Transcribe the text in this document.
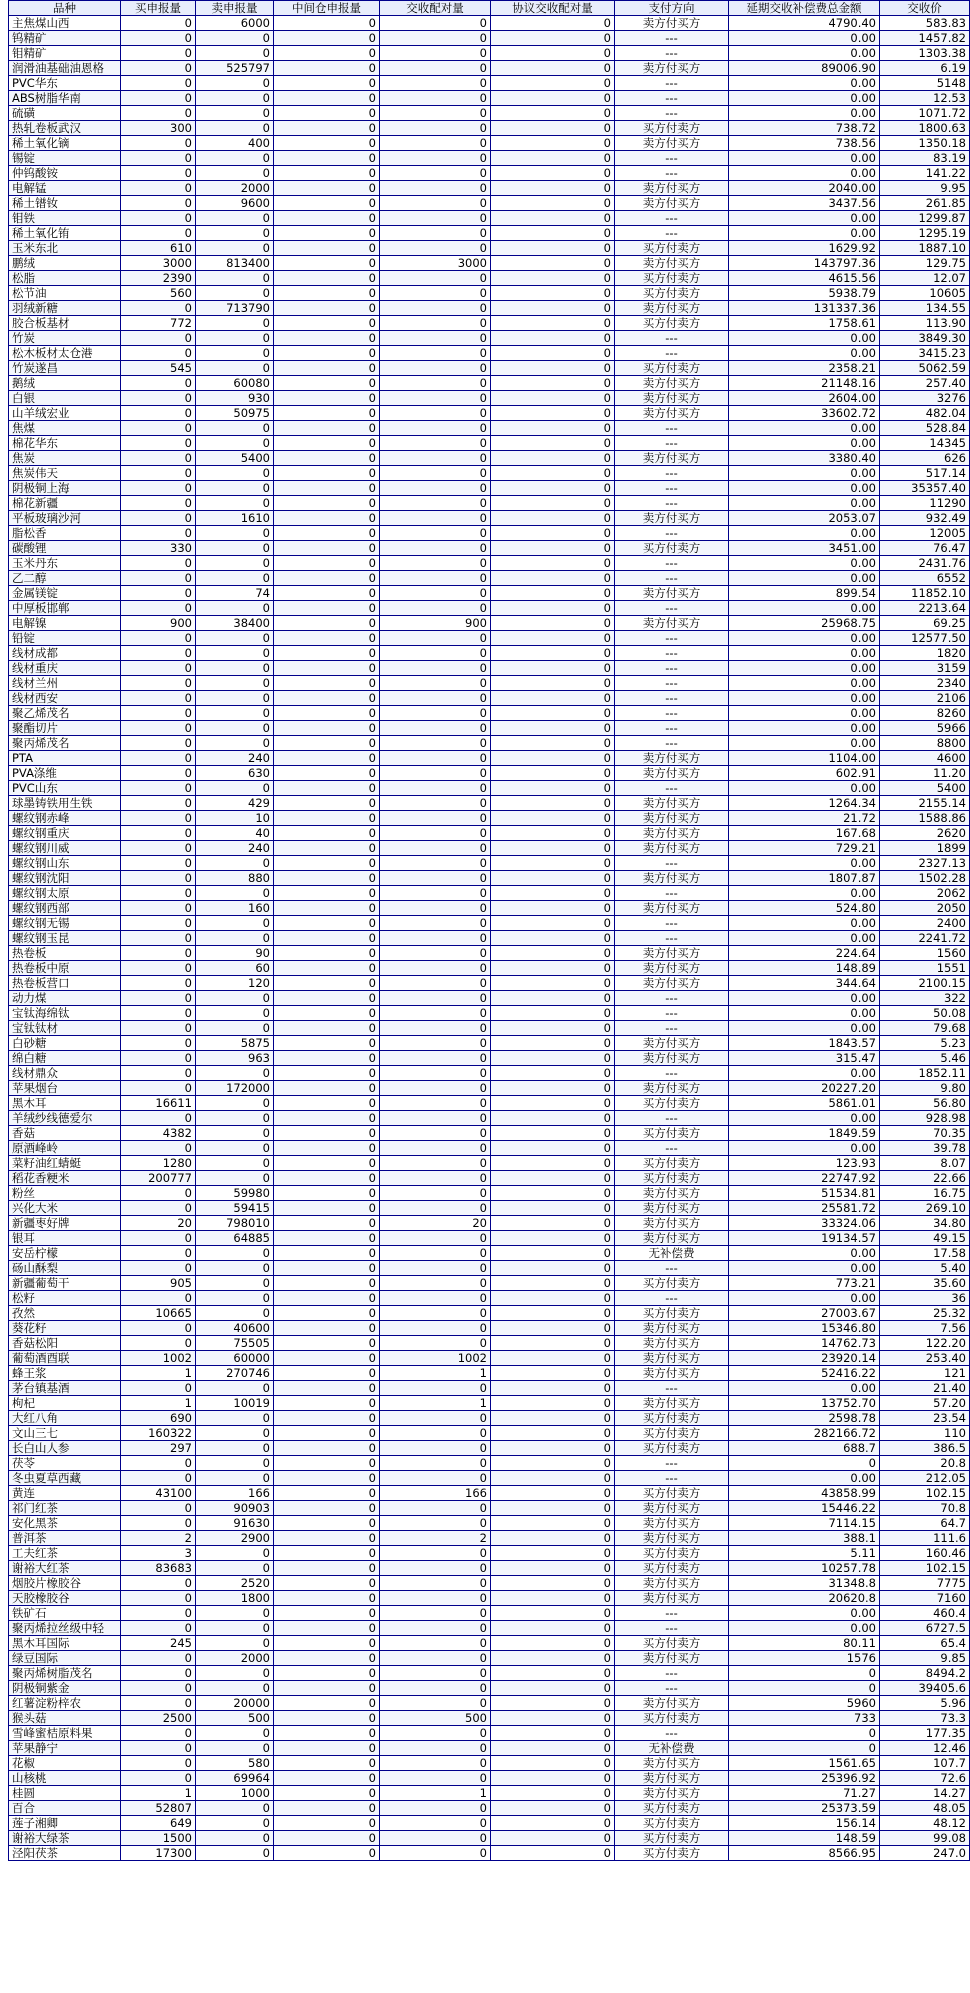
品种	买申报量	卖申报量	中间仓申报量	交收配对量	协议交收配对量	支付方向	延期交收补偿费总金额	交收价
主焦煤山西	0	6000	0	0	0	卖方付买方	4790.40	583.83
钨精矿	0	0	0	0	0	---	0.00	1457.82
钼精矿	0	0	0	0	0	---	0.00	1303.38
润滑油基础油恩格	0	525797	0	0	0	卖方付买方	89006.90	6.19
PVC华东	0	0	0	0	0	---	0.00	5148
ABS树脂华南	0	0	0	0	0	---	0.00	12.53
硫磺	0	0	0	0	0	---	0.00	1071.72
热轧卷板武汉	300	0	0	0	0	买方付卖方	738.72	1800.63
稀土氧化镝	0	400	0	0	0	卖方付买方	738.56	1350.18
锡锭	0	0	0	0	0	---	0.00	83.19
仲钨酸铵	0	0	0	0	0	---	0.00	141.22
电解锰	0	2000	0	0	0	卖方付买方	2040.00	9.95
稀土镨钕	0	9600	0	0	0	卖方付买方	3437.56	261.85
钼铁	0	0	0	0	0	---	0.00	1299.87
稀土氧化铕	0	0	0	0	0	---	0.00	1295.19
玉米东北	610	0	0	0	0	买方付卖方	1629.92	1887.10
鹏绒	3000	813400	0	3000	0	卖方付买方	143797.36	129.75
松脂	2390	0	0	0	0	买方付卖方	4615.56	12.07
松节油	560	0	0	0	0	买方付卖方	5938.79	10605
羽绒新糖	0	713790	0	0	0	卖方付买方	131337.36	134.55
胶合板基材	772	0	0	0	0	买方付卖方	1758.61	113.90
竹炭	0	0	0	0	0	---	0.00	3849.30
松木板材太仓港	0	0	0	0	0	---	0.00	3415.23
竹炭遂昌	545	0	0	0	0	买方付卖方	2358.21	5062.59
鹅绒	0	60080	0	0	0	卖方付买方	21148.16	257.40
白银	0	930	0	0	0	卖方付买方	2604.00	3276
山羊绒宏业	0	50975	0	0	0	卖方付买方	33602.72	482.04
焦煤	0	0	0	0	0	---	0.00	528.84
棉花华东	0	0	0	0	0	---	0.00	14345
焦炭	0	5400	0	0	0	卖方付买方	3380.40	626
焦炭伟天	0	0	0	0	0	---	0.00	517.14
阴极铜上海	0	0	0	0	0	---	0.00	35357.40
棉花新疆	0	0	0	0	0	---	0.00	11290
平板玻璃沙河	0	1610	0	0	0	卖方付买方	2053.07	932.49
脂松香	0	0	0	0	0	---	0.00	12005
碳酸锂	330	0	0	0	0	买方付卖方	3451.00	76.47
玉米丹东	0	0	0	0	0	---	0.00	2431.76
乙二醇	0	0	0	0	0	---	0.00	6552
金属镁锭	0	74	0	0	0	卖方付买方	899.54	11852.10
中厚板邯郸	0	0	0	0	0	---	0.00	2213.64
电解镍	900	38400	0	900	0	卖方付买方	25968.75	69.25
铅锭	0	0	0	0	0	---	0.00	12577.50
线材成都	0	0	0	0	0	---	0.00	1820
线材重庆	0	0	0	0	0	---	0.00	3159
线材兰州	0	0	0	0	0	---	0.00	2340
线材西安	0	0	0	0	0	---	0.00	2106
聚乙烯茂名	0	0	0	0	0	---	0.00	8260
聚酯切片	0	0	0	0	0	---	0.00	5966
聚丙烯茂名	0	0	0	0	0	---	0.00	8800
PTA	0	240	0	0	0	卖方付买方	1104.00	4600
PVA涤维	0	630	0	0	0	卖方付买方	602.91	11.20
PVC山东	0	0	0	0	0	---	0.00	5400
球墨铸铁用生铁	0	429	0	0	0	卖方付买方	1264.34	2155.14
螺纹钢赤峰	0	10	0	0	0	卖方付买方	21.72	1588.86
螺纹钢重庆	0	40	0	0	0	卖方付买方	167.68	2620
螺纹钢川威	0	240	0	0	0	卖方付买方	729.21	1899
螺纹钢山东	0	0	0	0	0	---	0.00	2327.13
螺纹钢沈阳	0	880	0	0	0	卖方付买方	1807.87	1502.28
螺纹钢太原	0	0	0	0	0	---	0.00	2062
螺纹钢西部	0	160	0	0	0	卖方付买方	524.80	2050
螺纹钢无锡	0	0	0	0	0	---	0.00	2400
螺纹钢玉昆	0	0	0	0	0	---	0.00	2241.72
热卷板	0	90	0	0	0	卖方付买方	224.64	1560
热卷板中原	0	60	0	0	0	卖方付买方	148.89	1551
热卷板营口	0	120	0	0	0	卖方付买方	344.64	2100.15
动力煤	0	0	0	0	0	---	0.00	322
宝钛海绵钛	0	0	0	0	0	---	0.00	50.08
宝钛钛材	0	0	0	0	0	---	0.00	79.68
白砂糖	0	5875	0	0	0	卖方付买方	1843.57	5.23
绵白糖	0	963	0	0	0	卖方付买方	315.47	5.46
线材鼎众	0	0	0	0	0	---	0.00	1852.11
苹果烟台	0	172000	0	0	0	卖方付买方	20227.20	9.80
黑木耳	16611	0	0	0	0	买方付卖方	5861.01	56.80
羊绒纱线德爱尔	0	0	0	0	0	---	0.00	928.98
香菇	4382	0	0	0	0	买方付卖方	1849.59	70.35
原酒峰岭	0	0	0	0	0	---	0.00	39.78
菜籽油红蜻蜓	1280	0	0	0	0	买方付卖方	123.93	8.07
稻花香粳米	200777	0	0	0	0	买方付卖方	22747.92	22.66
粉丝	0	59980	0	0	0	卖方付买方	51534.81	16.75
兴化大米	0	59415	0	0	0	卖方付买方	25581.72	269.10
新疆枣好牌	20	798010	0	20	0	卖方付买方	33324.06	34.80
银耳	0	64885	0	0	0	卖方付买方	19134.57	49.15
安岳柠檬	0	0	0	0	0	无补偿费	0.00	17.58
砀山酥梨	0	0	0	0	0	---	0.00	5.40
新疆葡萄干	905	0	0	0	0	买方付卖方	773.21	35.60
松籽	0	0	0	0	0	---	0.00	36
孜然	10665	0	0	0	0	买方付卖方	27003.67	25.32
葵花籽	0	40600	0	0	0	卖方付买方	15346.80	7.56
香菇松阳	0	75505	0	0	0	卖方付买方	14762.73	122.20
葡萄酒酉联	1002	60000	0	1002	0	卖方付买方	23920.14	253.40
蜂王浆	1	270746	0	1	0	卖方付买方	52416.22	121
茅台镇基酒	0	0	0	0	0	---	0.00	21.40
枸杞	1	10019	0	1	0	卖方付买方	13752.70	57.20
大红八角	690	0	0	0	0	买方付卖方	2598.78	23.54
文山三七	160322	0	0	0	0	买方付卖方	282166.72	110
长白山人参	297	0	0	0	0	买方付卖方	688.7	386.5
茯苓	0	0	0	0	0	---	0	20.8
冬虫夏草西藏	0	0	0	0	0	---	0.00	212.05
黄连	43100	166	0	166	0	买方付卖方	43858.99	102.15
祁门红茶	0	90903	0	0	0	卖方付买方	15446.22	70.8
安化黑茶	0	91630	0	0	0	卖方付买方	7114.15	64.7
普洱茶	2	2900	0	2	0	卖方付买方	388.1	111.6
工夫红茶	3	0	0	0	0	买方付卖方	5.11	160.46
谢裕大红茶	83683	0	0	0	0	买方付卖方	10257.78	102.15
烟胶片橡胶谷	0	2520	0	0	0	卖方付买方	31348.8	7775
天胶橡胶谷	0	1800	0	0	0	卖方付买方	20620.8	7160
铁矿石	0	0	0	0	0	---	0.00	460.4
聚丙烯拉丝级中轻	0	0	0	0	0	---	0.00	6727.5
黑木耳国际	245	0	0	0	0	买方付卖方	80.11	65.4
绿豆国际	0	2000	0	0	0	卖方付买方	1576	9.85
聚丙烯树脂茂名	0	0	0	0	0	---	0	8494.2
阴极铜紫金	0	0	0	0	0	---	0	39405.6
红薯淀粉梓农	0	20000	0	0	0	卖方付买方	5960	5.96
猴头菇	2500	500	0	500	0	买方付卖方	733	73.3
雪峰蜜桔原料果	0	0	0	0	0	---	0	177.35
苹果静宁	0	0	0	0	0	无补偿费	0	12.46
花椒	0	580	0	0	0	卖方付买方	1561.65	107.7
山核桃	0	69964	0	0	0	卖方付买方	25396.92	72.6
桂圆	1	1000	0	1	0	卖方付买方	71.27	14.27
百合	52807	0	0	0	0	买方付卖方	25373.59	48.05
莲子湘卿	649	0	0	0	0	买方付卖方	156.14	48.12
谢裕大绿茶	1500	0	0	0	0	买方付卖方	148.59	99.08
泾阳茯茶	17300	0	0	0	0	买方付卖方	8566.95	247.0
